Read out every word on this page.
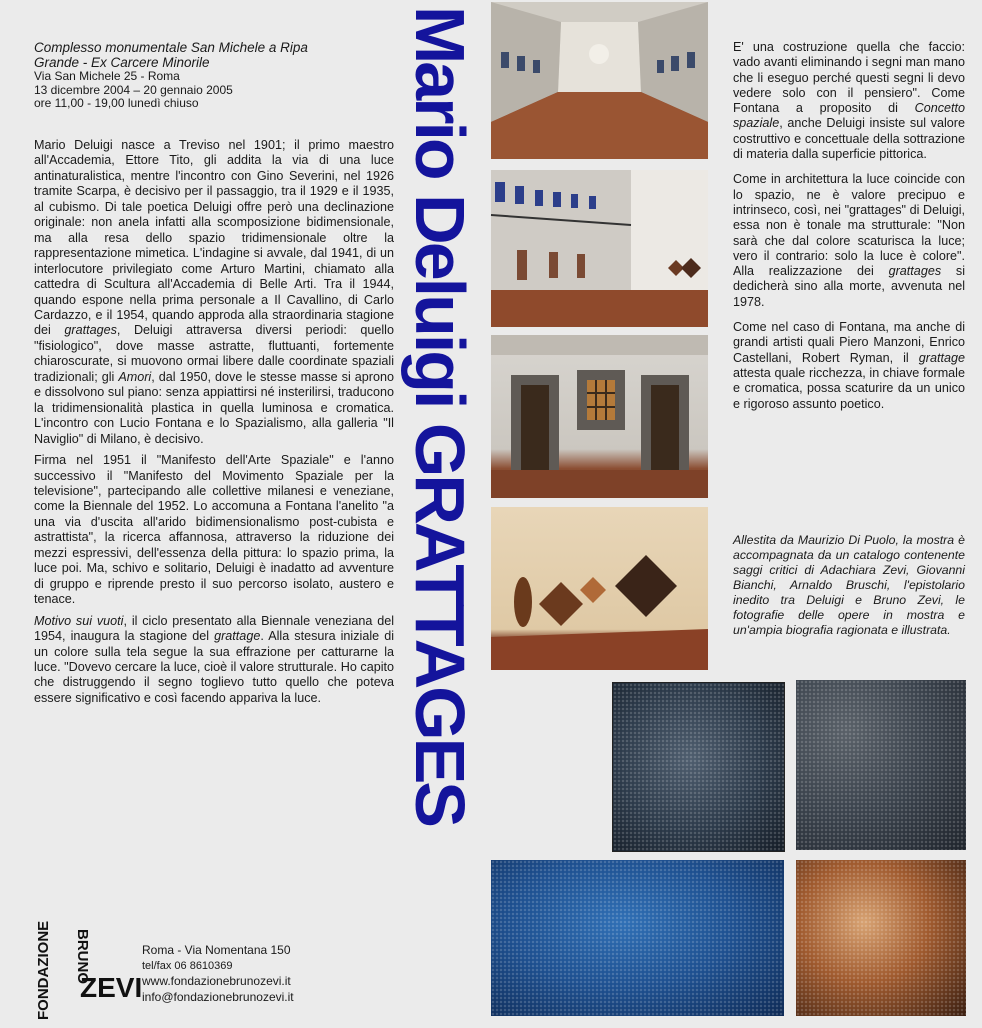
Complesso monumentale San Michele a Ripa
Grande - Ex Carcere Minorile
Via San Michele 25 - Roma
13 dicembre 2004 – 20 gennaio 2005
ore 11,00 - 19,00 lunedì chiuso

Mario Deluigi nasce a Treviso nel 1901; il primo maestro all'Accademia, Ettore Tito, gli addita la via di una luce antinaturalistica, mentre l'incontro con Gino Severini, nel 1926 tramite Scarpa, è decisivo per il passaggio, tra il 1929 e il 1935, al cubismo. Di tale poetica Deluigi offre però una declinazione originale: non anela infatti alla scomposizione bidimensionale, ma alla resa dello spazio tridimensionale oltre la rappresentazione mimetica. L'indagine si avvale, dal 1941, di un interlocutore privilegiato come Arturo Martini, chiamato alla cattedra di Scultura all'Accademia di Belle Arti. Tra il 1944, quando espone nella prima personale a Il Cavallino, di Carlo Cardazzo, e il 1954, quando approda alla straordinaria stagione dei grattages, Deluigi attraversa diversi periodi: quello "fisiologico", dove masse astratte, fluttuanti, fortemente chiaroscurate, si muovono ormai libere dalle coordinate spaziali tradizionali; gli Amori, dal 1950, dove le stesse masse si aprono e dissolvono sul piano: senza appiattirsi né insterilirsi, traducono la tridimensionalità plastica in quella luminosa e cromatica. L'incontro con Lucio Fontana e lo Spazialismo, alla galleria "Il Naviglio" di Milano, è decisivo.

Firma nel 1951 il "Manifesto dell'Arte Spaziale" e l'anno successivo il "Manifesto del Movimento Spaziale per la televisione", partecipando alle collettive milanesi e veneziane, come la Biennale del 1952. Lo accomuna a Fontana l'anelito "a una via d'uscita all'arido bidimensionalismo post-cubista e astrattista", la ricerca affannosa, attraverso la riduzione dei mezzi espressivi, dell'essenza della pittura: lo spazio prima, la luce poi. Ma, schivo e solitario, Deluigi è inadatto ad avventure di gruppo e riprende presto il suo percorso isolato, austero e tenace.

Motivo sui vuoti, il ciclo presentato alla Biennale veneziana del 1954, inaugura la stagione del grattage. Alla stesura iniziale di un colore sulla tela segue la sua effrazione per catturarne la luce. "Dovevo cercare la luce, cioè il valore strutturale. Ho capito che distruggendo il segno toglievo tutto quello che poteva essere significativo e così facendo appariva la luce.	Mario Deluigi GRATTAGES	E' una costruzione quella che faccio: vado avanti eliminando i segni man mano che li eseguo perché questi segni li devo vedere solo con il pensiero". Come Fontana a proposito di Concetto spaziale, anche Deluigi insiste sul valore costruttivo e concettuale della sottrazione di materia dalla superficie pittorica.

Come in architettura la luce coincide con lo spazio, ne è valore precipuo e intrinseco, così, nei "grattages" di Deluigi, essa non è tonale ma strutturale: "Non sarà che dal colore scaturisca la luce; vero il contrario: solo la luce è colore". Alla realizzazione dei grattages si dedicherà sino alla morte, avvenuta nel 1978.

Come nel caso di Fontana, ma anche di grandi artisti quali Piero Manzoni, Enrico Castellani, Robert Ryman, il grattage attesta quale ricchezza, in chiave formale e cromatica, possa scaturire da un unico e rigoroso assunto poetico.

Allestita da Maurizio Di Puolo, la mostra è accompagnata da un catalogo contenente saggi critici di Adachiara Zevi, Giovanni Bianchi, Arnaldo Bruschi, l'epistolario inedito tra Deluigi e Bruno Zevi, le fotografie delle opere in mostra e un'ampia biografia ragionata e illustrata.
FONDAZIONE BRUNO
ZEVI
Roma - Via Nomentana 150
tel/fax 06 8610369
www.fondazionebrunozevi.it
info@fondazionebrunozevi.it
